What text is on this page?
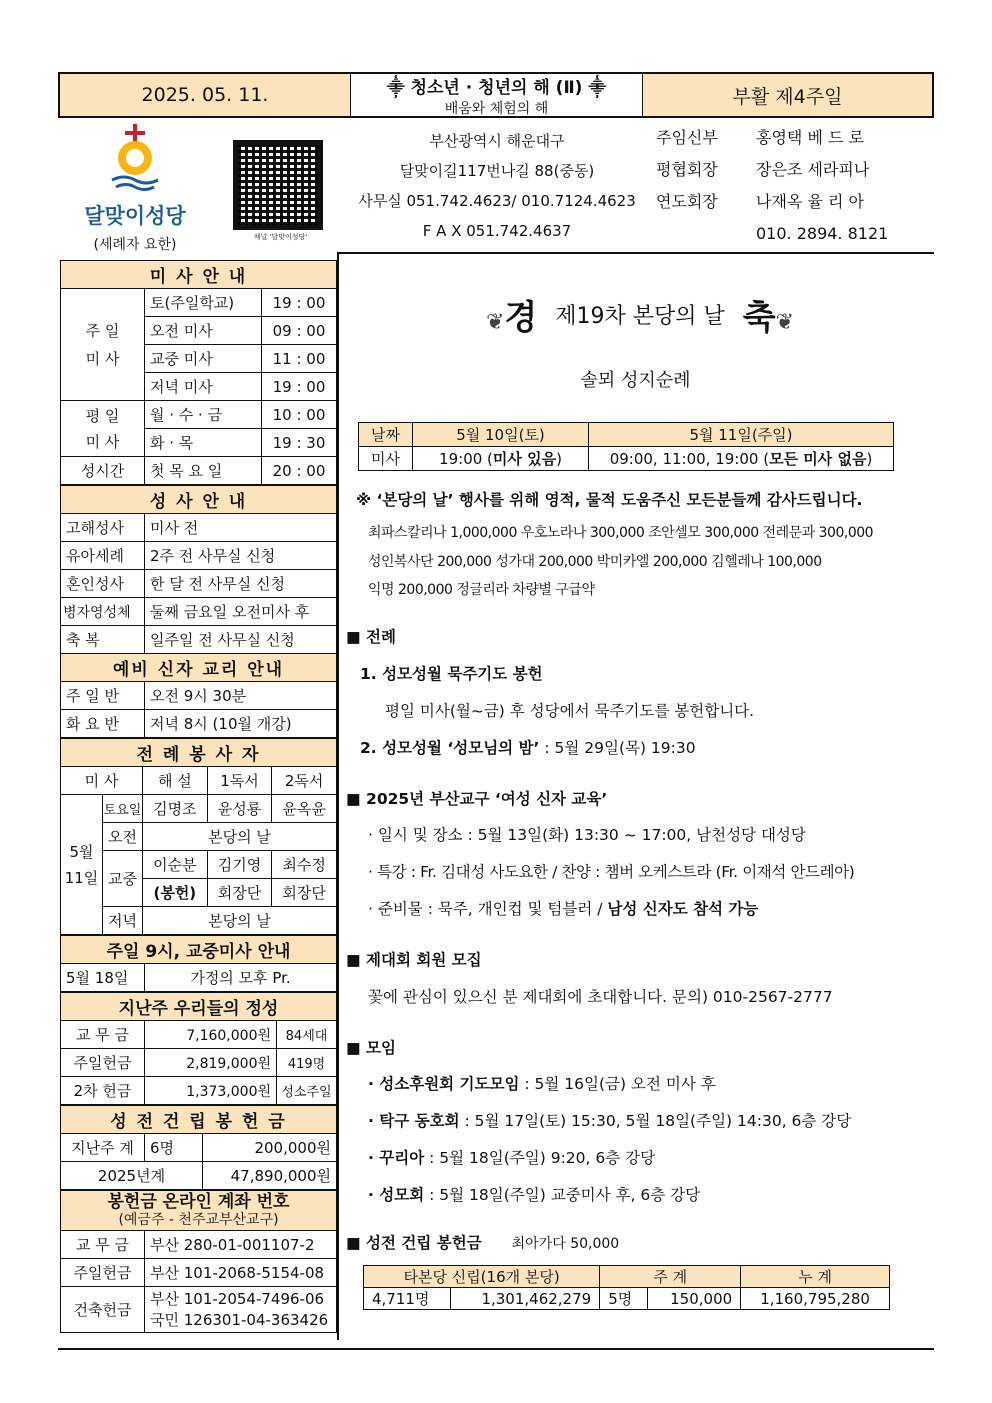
2025. 05. 11.	⸎ 청소년 · 청년의 해 (Ⅱ) ⸎
배움와 체험의 해
부활 제4주일
달맞이성당
(세례자 요한)	채널 '달맞이성당'
부산광역시 해운대구
달맞이길117번나길 88(중동)
사무실 051.742.4623/ 010.7124.4623
F A X 051.742.4637
주임신부	홍영택 베 드 로
평협회장	장은조 세라피나
연도회장	나재옥 율 리 아
010. 2894. 8121
미 사 안 내		
주 일
미 사	토(주일학교)	19 : 00
	오전 미사	09 : 00
	교중 미사	11 : 00
	저녁 미사	19 : 00
평 일
미 사	월 · 수 · 금	10 : 00
	화 · 목	19 : 30
성시간	첫 목 요 일	20 : 00
성 사 안 내	
고해성사	미사 전
유아세례	2주 전 사무실 신청
혼인성사	한 달 전 사무실 신청
병자영성체	둘째 금요일 오전미사 후
축 복	일주일 전 사무실 신청
예비 신자 교리 안내	
주 일 반	오전 9시 30분
화 요 반	저녁 8시 (10월 개강)
전 례 봉 사 자				
미 사		해 설	1독서	2독서
5월
11일	토요일	김명조	윤성룡	윤옥윤
	오전	본당의 날		
	교중	이순분	김기영	최수정
		(봉헌)	회장단	회장단
	저녁	본당의 날		
주일 9시, 교중미사 안내
5월 18일	가정의 모후 Pr.
지난주 우리들의 정성		
교 무 금	7,160,000원	84세대
주일헌금	2,819,000원	419명
2차 헌금	1,373,000원	성소주일
성 전 건 립 봉 헌 금		
지난주 계	6명	200,000원
2025년계		47,890,000원
봉헌금 온라인 계좌 번호
(예금주 - 천주교부산교구)	

교 무 금	부산 280-01-001107-2
주일헌금	부산 101-2068-5154-08
건축헌금	부산 101-2054-7496-06
국민 126301-04-363426
❦경 제19차 본당의 날 축❦
솔뫼 성지순례
날짜	5월 10일(토)	5월 11일(주일)
미사	19:00 (미사 있음)	09:00, 11:00, 19:00 (모든 미사 없음)
※ ‘본당의 날’ 행사를 위해 영적, 물적 도움주신 모든분들께 감사드립니다.
최파스칼리나 1,000,000 우호노라나 300,000 조안셀모 300,000 전레문과 300,000
성인복사단 200,000 성가대 200,000 박미카엘 200,000 김헬레나 100,000
익명 200,000 정글리라 차량별 구급약
■ 전례
1. 성모성월 묵주기도 봉헌
평일 미사(월~금) 후 성당에서 묵주기도를 봉헌합니다.
2. 성모성월 ‘성모님의 밤’ : 5월 29일(목) 19:30
■ 2025년 부산교구 ‘여성 신자 교육’
· 일시 및 장소 : 5월 13일(화) 13:30 ~ 17:00, 남천성당 대성당
· 특강 : Fr. 김대성 사도요한 / 찬양 : 챔버 오케스트라 (Fr. 이재석 안드레아)
· 준비물 : 묵주, 개인컵 및 텀블러 / 남성 신자도 참석 가능
■ 제대회 회원 모집
꽃에 관심이 있으신 분 제대회에 초대합니다. 문의) 010-2567-2777
■ 모임
· 성소후원회 기도모임 : 5월 16일(금) 오전 미사 후
· 탁구 동호회 : 5월 17일(토) 15:30, 5월 18일(주일) 14:30, 6층 강당
· 꾸리아 : 5월 18일(주일) 9:20, 6층 강당
· 성모회 : 5월 18일(주일) 교중미사 후, 6층 강당
■ 성전 건립 봉헌금 최아가다 50,000
타본당 신립(16개 본당)		주 계		누 계
4,711명	1,301,462,279	5명	150,000	1,160,795,280
